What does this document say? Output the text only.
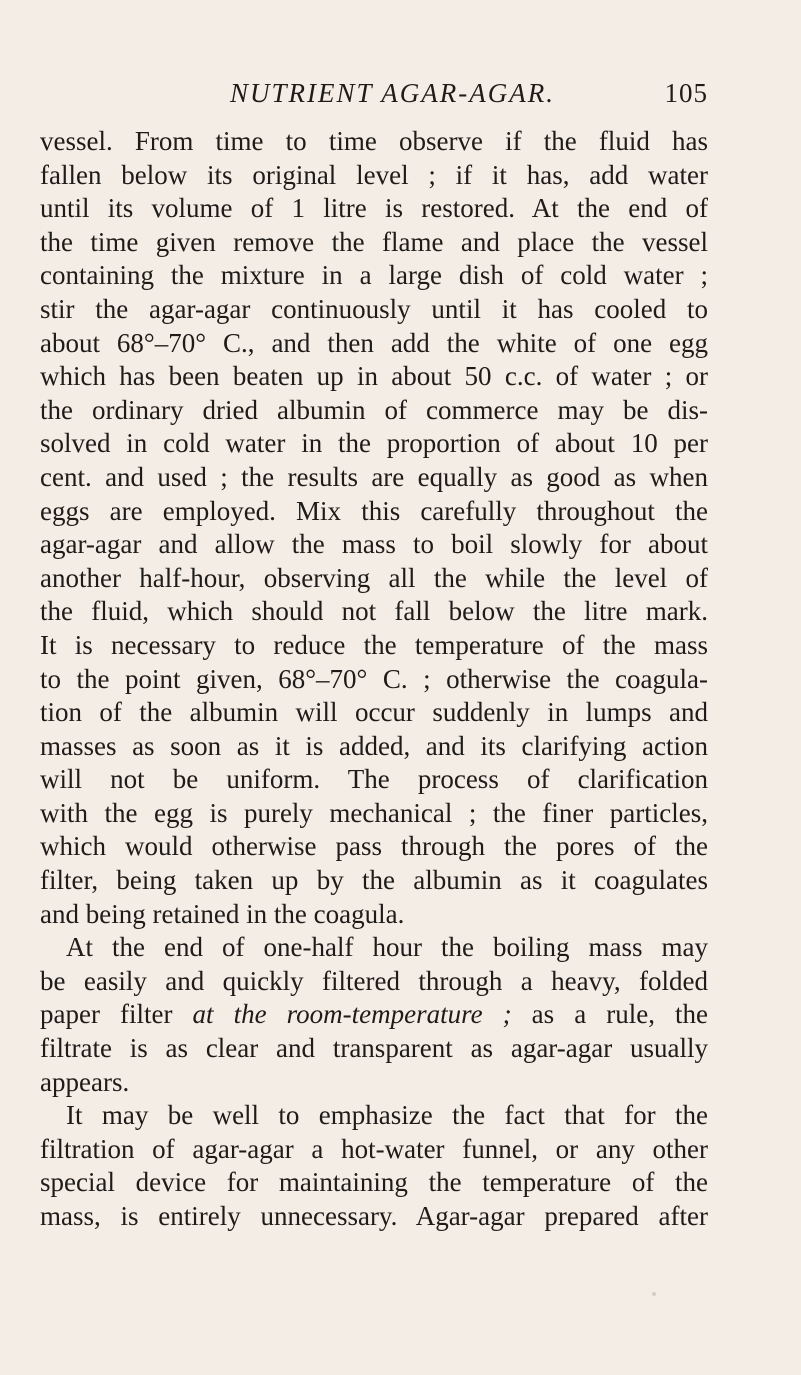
NUTRIENT AGAR-AGAR.	105
vessel. From time to time observe if the fluid has
fallen below its original level ; if it has, add water
until its volume of 1 litre is restored. At the end of
the time given remove the flame and place the vessel
containing the mixture in a large dish of cold water ;
stir the agar-agar continuously until it has cooled to
about 68°–70° C., and then add the white of one egg
which has been beaten up in about 50 c.c. of water ; or
the ordinary dried albumin of commerce may be dis-
solved in cold water in the proportion of about 10 per
cent. and used ; the results are equally as good as when
eggs are employed. Mix this carefully throughout the
agar-agar and allow the mass to boil slowly for about
another half-hour, observing all the while the level of
the fluid, which should not fall below the litre mark.
It is necessary to reduce the temperature of the mass
to the point given, 68°–70° C. ; otherwise the coagula-
tion of the albumin will occur suddenly in lumps and
masses as soon as it is added, and its clarifying action
will not be uniform. The process of clarification
with the egg is purely mechanical ; the finer particles,
which would otherwise pass through the pores of the
filter, being taken up by the albumin as it coagulates
and being retained in the coagula.
At the end of one-half hour the boiling mass may
be easily and quickly filtered through a heavy, folded
paper filter at the room-temperature ; as a rule, the
filtrate is as clear and transparent as agar-agar usually
appears.
It may be well to emphasize the fact that for the
filtration of agar-agar a hot-water funnel, or any other
special device for maintaining the temperature of the
mass, is entirely unnecessary. Agar-agar prepared after
